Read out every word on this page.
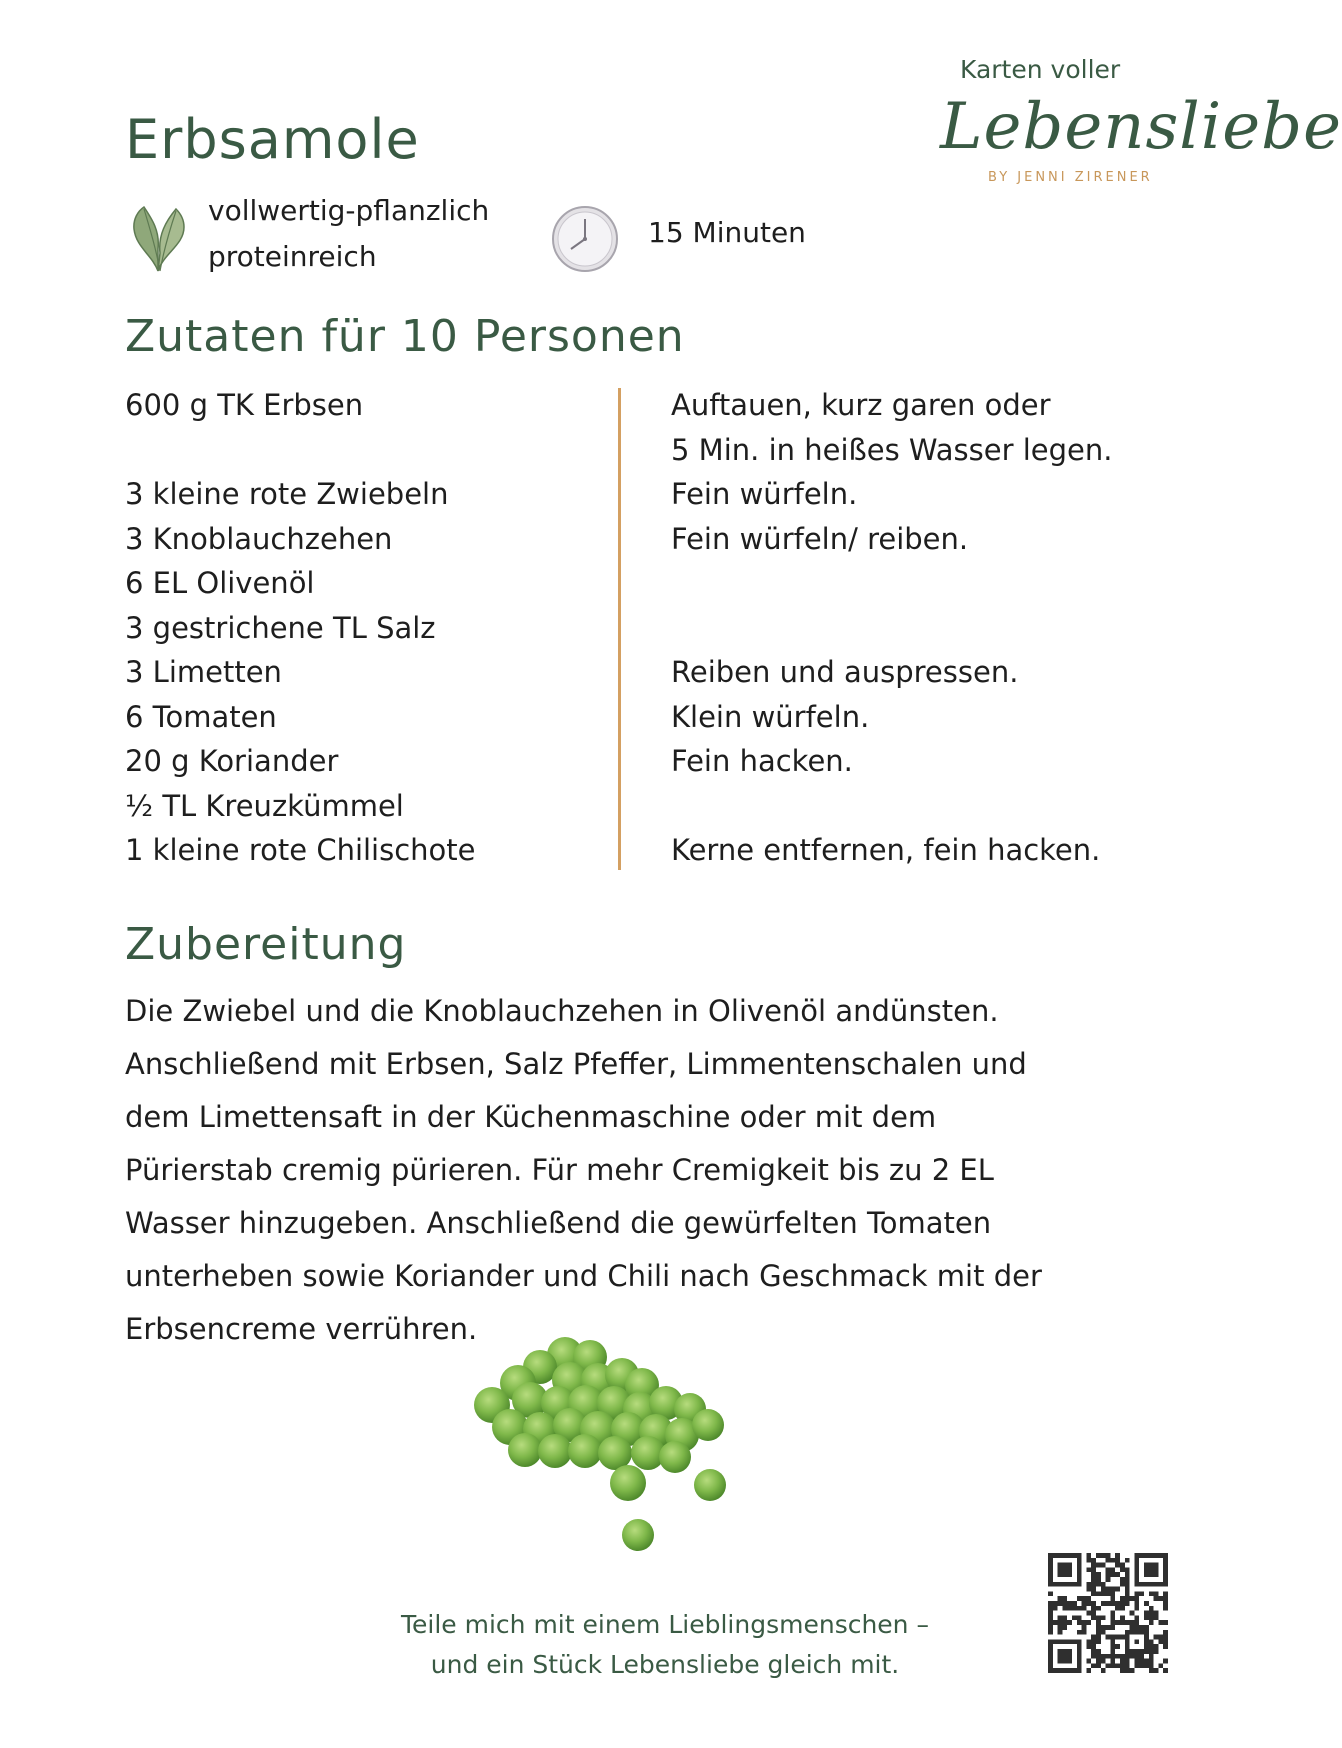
Erbsamole
Karten voller
Lebensliebe
BY JENNI ZIRENER
vollwertig-pflanzlich
proteinreich
15 Minuten
Zutaten für 10 Personen
600 g TK Erbsen
3 kleine rote Zwiebeln
3 Knoblauchzehen
6 EL Olivenöl
3 gestrichene TL Salz
3 Limetten
6 Tomaten
20 g Koriander
½ TL Kreuzkümmel
1 kleine rote Chilischote
Auftauen, kurz garen oder
5 Min. in heißes Wasser legen.
Fein würfeln.
Fein würfeln/ reiben.
Reiben und auspressen.
Klein würfeln.
Fein hacken.
Kerne entfernen, fein hacken.
Zubereitung
Die Zwiebel und die Knoblauchzehen in Olivenöl andünsten.
Anschließend mit Erbsen, Salz Pfeffer, Limmentenschalen und
dem Limettensaft in der Küchenmaschine oder mit dem
Pürierstab cremig pürieren. Für mehr Cremigkeit bis zu 2 EL
Wasser hinzugeben. Anschließend die gewürfelten Tomaten
unterheben sowie Koriander und Chili nach Geschmack mit der
Erbsencreme verrühren.
Teile mich mit einem Lieblingsmenschen –
und ein Stück Lebensliebe gleich mit.
